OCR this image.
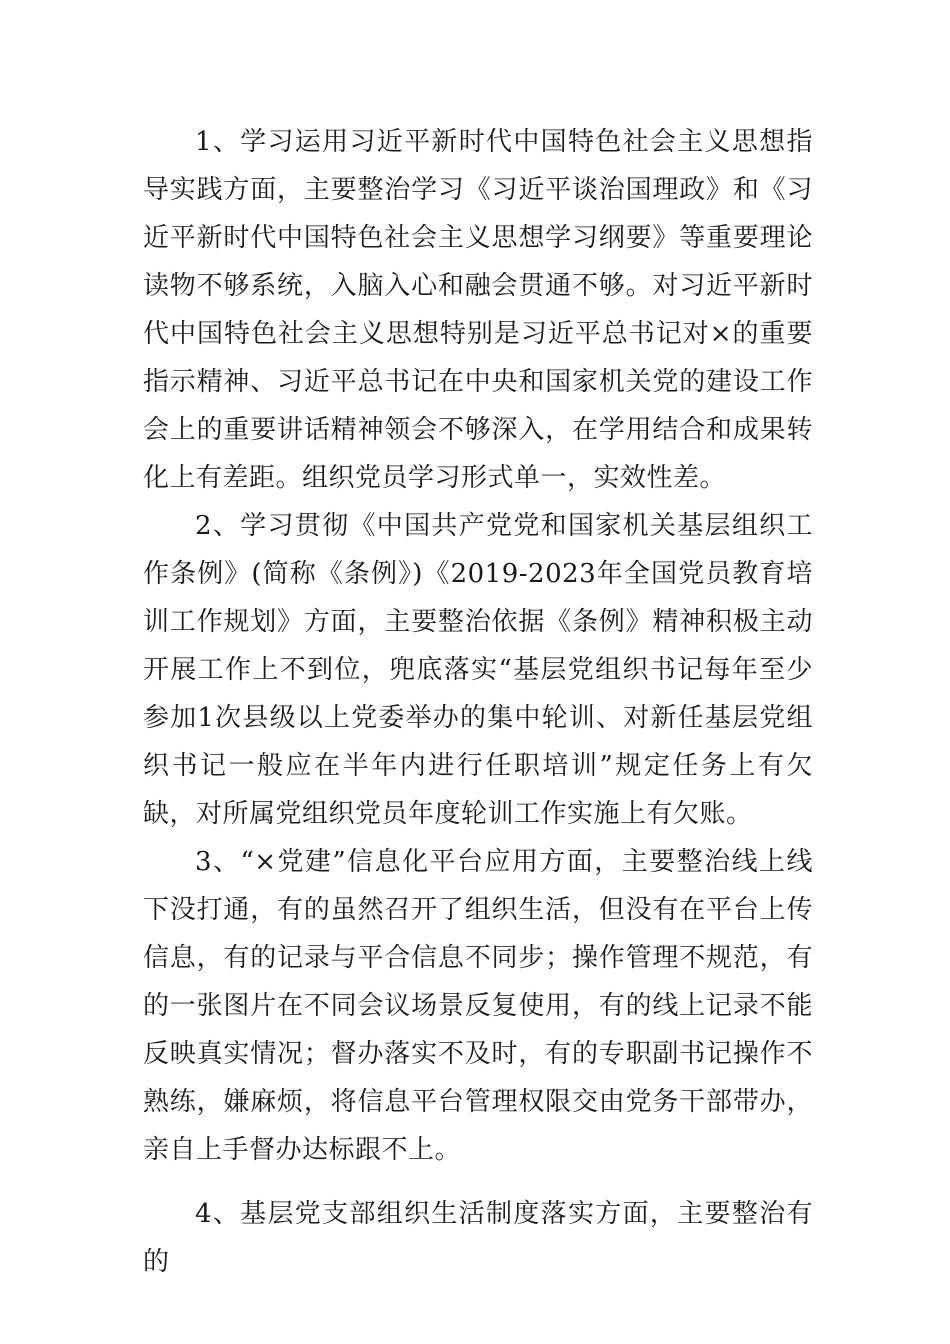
1、学习运用习近平新时代中国特色社会主义思想指导实践方面，主要整治学习《习近平谈治国理政》和《习近平新时代中国特色社会主义思想学习纲要》等重要理论读物不够系统，入脑入心和融会贯通不够。对习近平新时代中国特色社会主义思想特别是习近平总书记对×的重要指示精神、习近平总书记在中央和国家机关党的建设工作会上的重要讲话精神领会不够深入，在学用结合和成果转化上有差距。组织党员学习形式单一，实效性差。

2、学习贯彻《中国共产党党和国家机关基层组织工作条例》(简称《条例》)《2019-2023年全国党员教育培训工作规划》方面，主要整治依据《条例》精神积极主动开展工作上不到位，兜底落实“基层党组织书记每年至少参加1次县级以上党委举办的集中轮训、对新任基层党组织书记一般应在半年内进行任职培训”规定任务上有欠缺，对所属党组织党员年度轮训工作实施上有欠账。

3、“×党建”信息化平台应用方面，主要整治线上线下没打通，有的虽然召开了组织生活，但没有在平台上传信息，有的记录与平合信息不同步；操作管理不规范，有的一张图片在不同会议场景反复使用，有的线上记录不能反映真实情况；督办落实不及时，有的专职副书记操作不熟练，嫌麻烦，将信息平台管理权限交由党务干部带办，亲自上手督办达标跟不上。

4、基层党支部组织生活制度落实方面，主要整治有的
